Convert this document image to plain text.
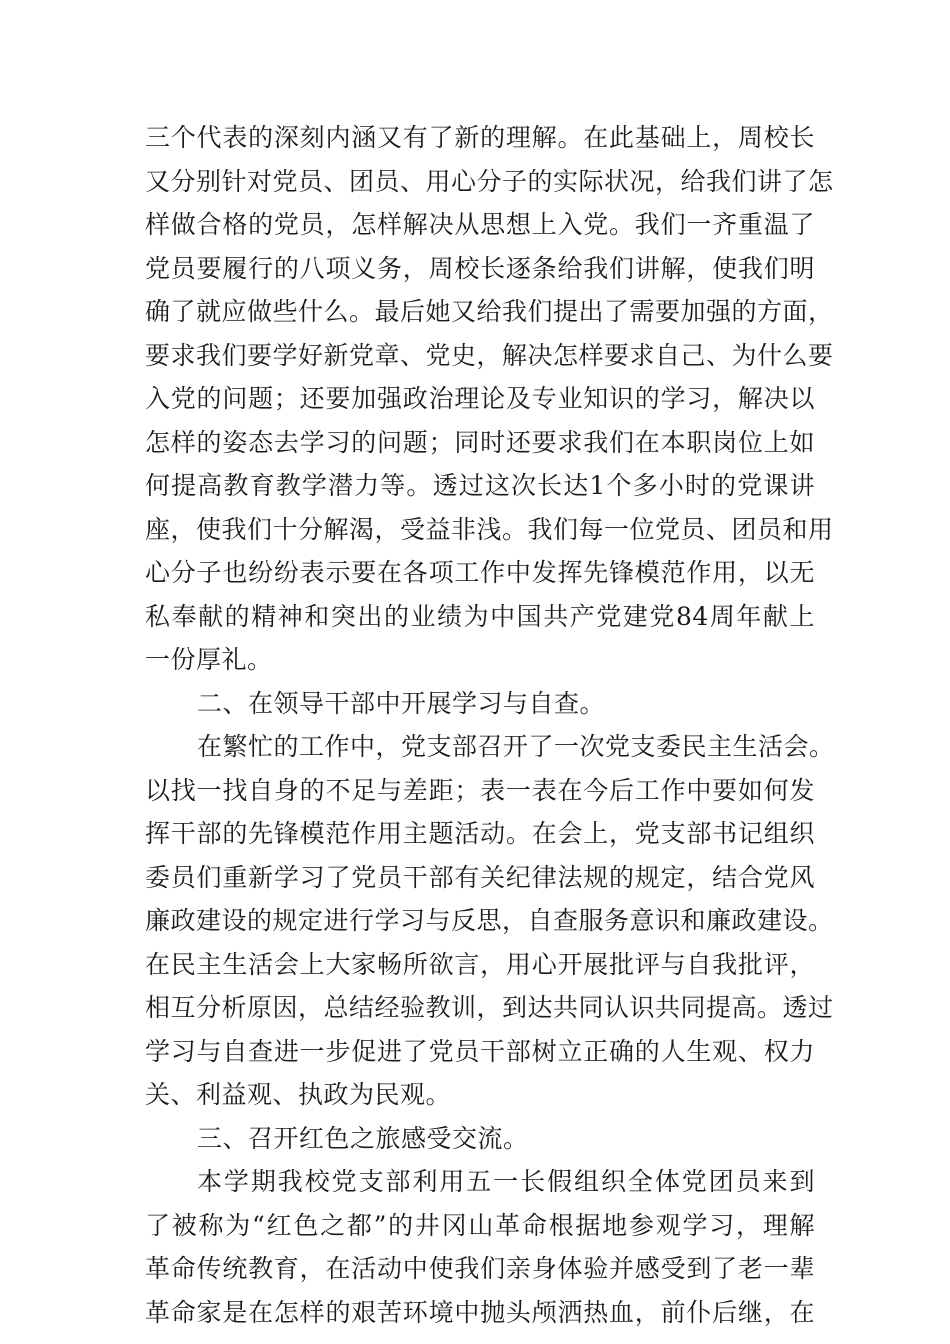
三个代表的深刻内涵又有了新的理解。在此基础上，周校长
又分别针对党员、团员、用心分子的实际状况，给我们讲了怎
样做合格的党员，怎样解决从思想上入党。我们一齐重温了
党员要履行的八项义务，周校长逐条给我们讲解，使我们明
确了就应做些什么。最后她又给我们提出了需要加强的方面，
要求我们要学好新党章、党史，解决怎样要求自己、为什么要
入党的问题；还要加强政治理论及专业知识的学习，解决以
怎样的姿态去学习的问题；同时还要求我们在本职岗位上如
何提高教育教学潜力等。透过这次长达1个多小时的党课讲
座，使我们十分解渴，受益非浅。我们每一位党员、团员和用
心分子也纷纷表示要在各项工作中发挥先锋模范作用，以无
私奉献的精神和突出的业绩为中国共产党建党84周年献上
一份厚礼。
二、在领导干部中开展学习与自查。
在繁忙的工作中，党支部召开了一次党支委民主生活会。
以找一找自身的不足与差距；表一表在今后工作中要如何发
挥干部的先锋模范作用主题活动。在会上，党支部书记组织
委员们重新学习了党员干部有关纪律法规的规定，结合党风
廉政建设的规定进行学习与反思，自查服务意识和廉政建设。
在民主生活会上大家畅所欲言，用心开展批评与自我批评，
相互分析原因，总结经验教训，到达共同认识共同提高。透过
学习与自查进一步促进了党员干部树立正确的人生观、权力
关、利益观、执政为民观。
三、召开红色之旅感受交流。
本学期我校党支部利用五一长假组织全体党团员来到
了被称为“红色之都”的井冈山革命根据地参观学习，理解
革命传统教育，在活动中使我们亲身体验并感受到了老一辈
革命家是在怎样的艰苦环境中抛头颅洒热血，前仆后继，在
